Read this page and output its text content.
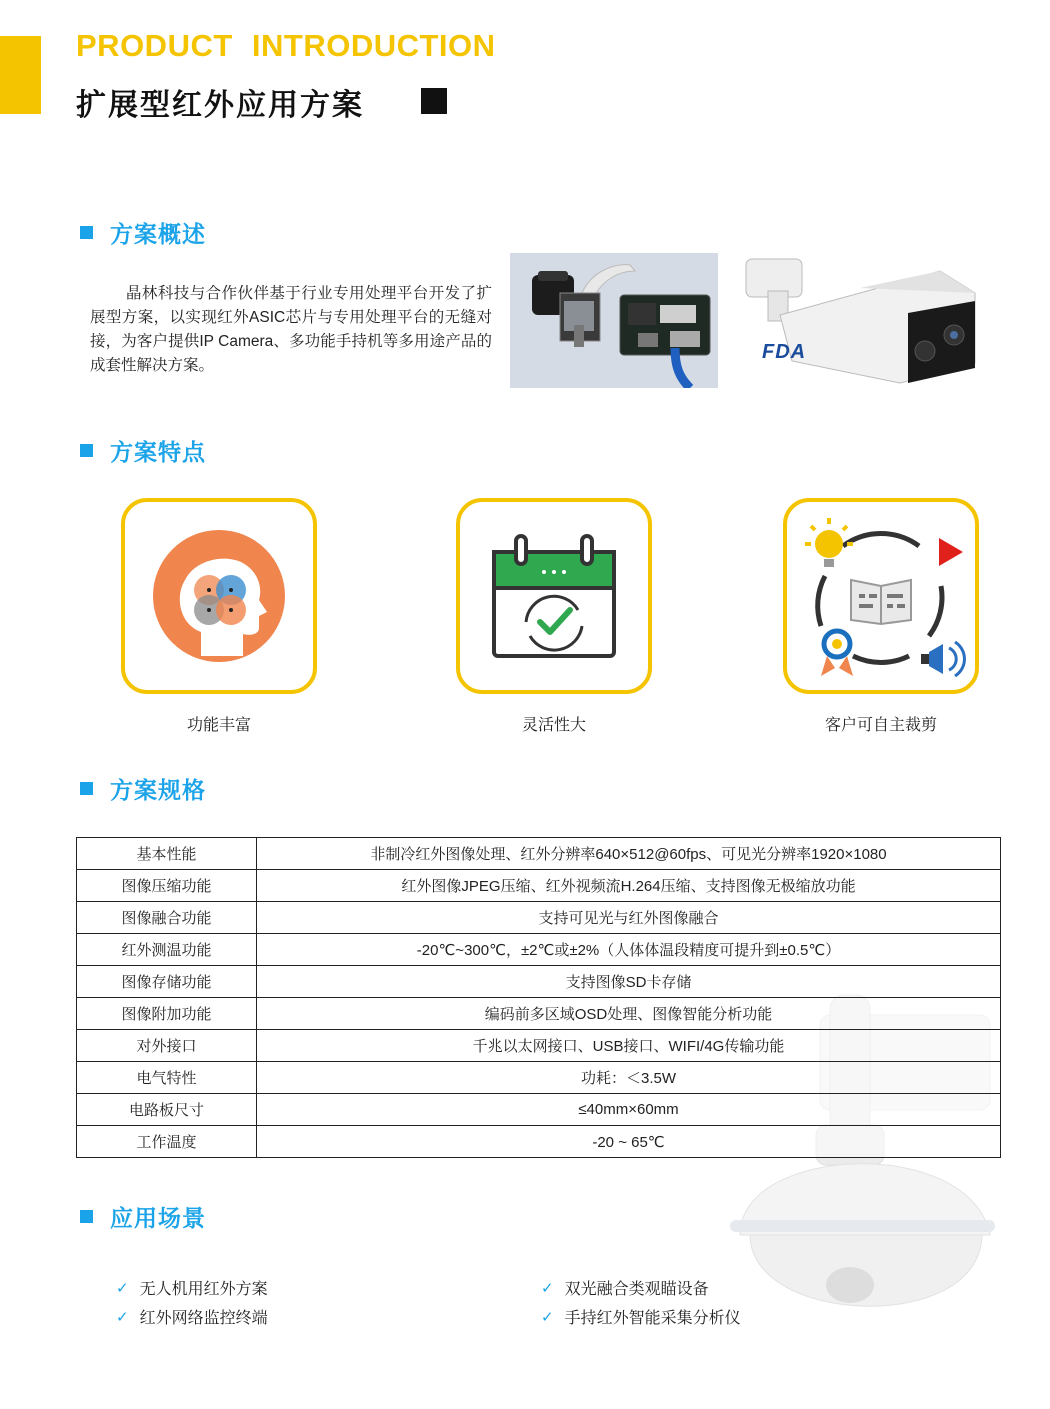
PRODUCT INTRODUCTION
扩展型红外应用方案
方案概述
晶林科技与合作伙伴基于行业专用处理平台开发了扩展型方案，以实现红外ASIC芯片与专用处理平台的无缝对接，为客户提供IP Camera、多功能手持机等多用途产品的成套性解决方案。
FDA
方案特点
功能丰富	灵活性大	客户可自主裁剪
方案规格
基本性能	非制冷红外图像处理、红外分辨率640×512@60fps、可见光分辨率1920×1080
图像压缩功能	红外图像JPEG压缩、红外视频流H.264压缩、支持图像无极缩放功能
图像融合功能	支持可见光与红外图像融合
红外测温功能	-20℃~300℃，±2℃或±2%（人体体温段精度可提升到±0.5℃）
图像存储功能	支持图像SD卡存储
图像附加功能	编码前多区域OSD处理、图像智能分析功能
对外接口	千兆以太网接口、USB接口、WIFI/4G传输功能
电气特性	功耗：＜3.5W
电路板尺寸	≤40mm×60mm
工作温度	-20 ~ 65℃
应用场景
✓ 无人机用红外方案
✓ 红外网络监控终端
✓ 双光融合类观瞄设备
✓ 手持红外智能采集分析仪
